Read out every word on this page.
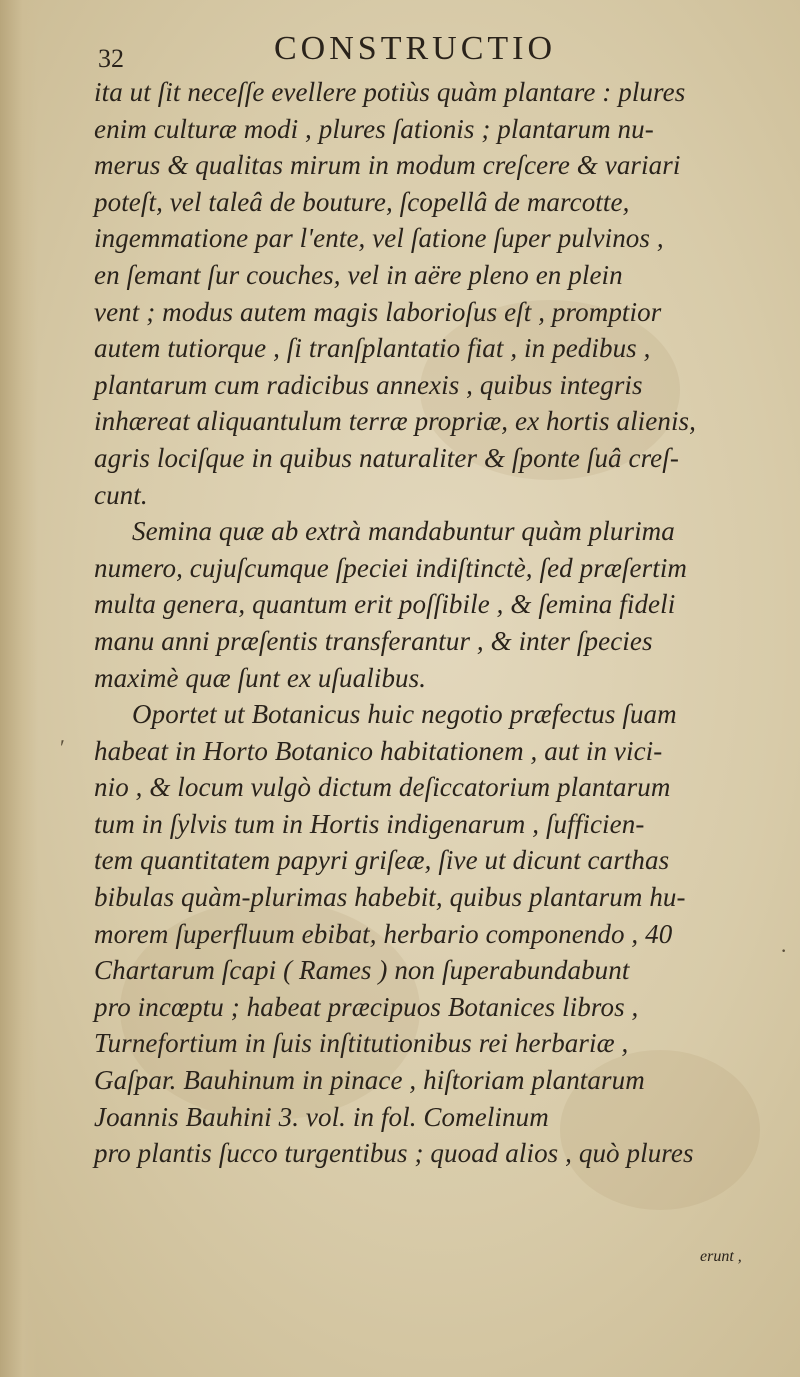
32	CONSTRUCTIO
ita ut ſit neceſſe evellere potiùs quàm plantare : plures
enim culturæ modi , plures ſationis ; plantarum nu-
merus & qualitas mirum in modum creſcere & variari
poteſt, vel taleâ de bouture, ſcopellâ de marcotte,
ingemmatione par l'ente, vel ſatione ſuper pulvinos ,
en ſemant ſur couches, vel in aëre pleno en plein
vent ; modus autem magis laborioſus eſt , promptior
autem tutiorque , ſi tranſplantatio fiat , in pedibus ,
plantarum cum radicibus annexis , quibus integris
inhæreat aliquantulum terræ propriæ, ex hortis alienis,
agris lociſque in quibus naturaliter & ſponte ſuâ creſ-
cunt.
Semina quæ ab extrà mandabuntur quàm plurima
numero, cujuſcumque ſpeciei indiſtinctè, ſed præſertim
multa genera, quantum erit poſſibile , & ſemina fideli
manu anni præſentis transferantur , & inter ſpecies
maximè quæ ſunt ex uſualibus.
Oportet ut Botanicus huic negotio præfectus ſuam
habeat in Horto Botanico habitationem , aut in vici-
nio , & locum vulgò dictum deſiccatorium plantarum
tum in ſylvis tum in Hortis indigenarum , ſufficien-
tem quantitatem papyri griſeæ, ſive ut dicunt carthas
bibulas quàm-plurimas habebit, quibus plantarum hu-
morem ſuperfluum ebibat, herbario componendo , 40
Chartarum ſcapi ( Rames ) non ſuperabundabunt
pro incœptu ; habeat præcipuos Botanices libros ,
Turnefortium in ſuis inſtitutionibus rei herbariæ ,
Gaſpar. Bauhinum in pinace , hiſtoriam plantarum
Joannis Bauhini 3. vol. in fol. Comelinum
pro plantis ſucco turgentibus ; quoad alios , quò plures
erunt ,
ʹ
·
